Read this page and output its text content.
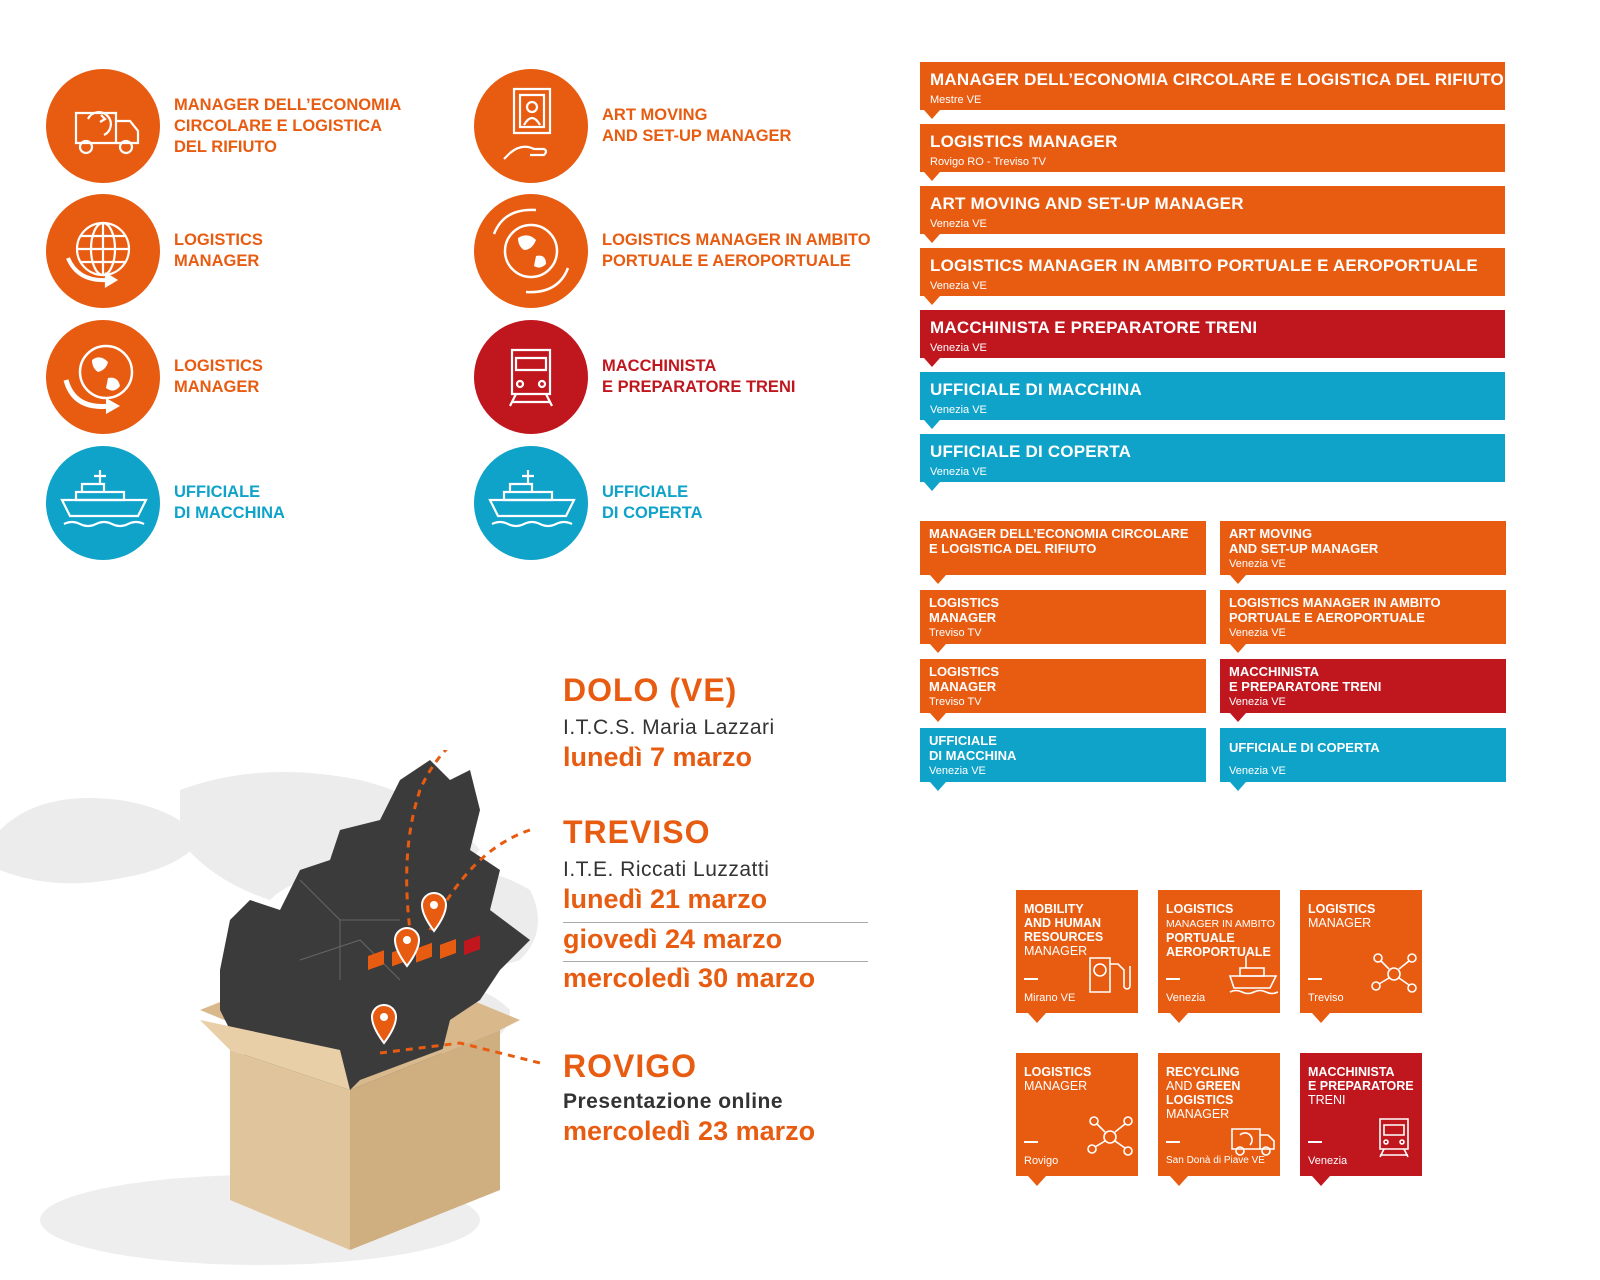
MANAGER DELL’ECONOMIA
CIRCOLARE E LOGISTICA
DEL RIFIUTO
LOGISTICS
MANAGER
LOGISTICS
MANAGER
UFFICIALE
DI MACCHINA
ART MOVING
AND SET-UP MANAGER
LOGISTICS MANAGER IN AMBITO
PORTUALE E AEROPORTUALE
MACCHINISTA
E PREPARATORE TRENI
UFFICIALE
DI COPERTA
MANAGER DELL’ECONOMIA CIRCOLARE E LOGISTICA DEL RIFIUTO
Mestre VE
LOGISTICS MANAGER
Rovigo RO - Treviso TV
ART MOVING AND SET-UP MANAGER
Venezia VE
LOGISTICS MANAGER IN AMBITO PORTUALE E AEROPORTUALE
Venezia VE
MACCHINISTA E PREPARATORE TRENI
Venezia VE
UFFICIALE DI MACCHINA
Venezia VE
UFFICIALE DI COPERTA
Venezia VE
MANAGER DELL’ECONOMIA CIRCOLARE
E LOGISTICA DEL RIFIUTO
LOGISTICS
MANAGER
Treviso TV
LOGISTICS
MANAGER
Treviso TV
UFFICIALE
DI MACCHINA
Venezia VE
ART MOVING
AND SET-UP MANAGER
Venezia VE
LOGISTICS MANAGER IN AMBITO
PORTUALE E AEROPORTUALE
Venezia VE
MACCHINISTA
E PREPARATORE TRENI
Venezia VE
UFFICIALE DI COPERTA
Venezia VE
MOBILITY
AND HUMAN
RESOURCES
MANAGER
Mirano VE
LOGISTICS
MANAGER IN AMBITO
PORTUALE
AEROPORTUALE
Venezia
LOGISTICS
MANAGER
Treviso
LOGISTICS
MANAGER
Rovigo
RECYCLING
AND GREEN
LOGISTICS
MANAGER
San Donà di Piave VE
MACCHINISTA
E PREPARATORE
TRENI
Venezia
DOLO (VE)
I.T.C.S. Maria Lazzari
lunedì 7 marzo
TREVISO
I.T.E. Riccati Luzzatti
lunedì 21 marzo
giovedì 24 marzo
mercoledì 30 marzo
ROVIGO
Presentazione online
mercoledì 23 marzo
